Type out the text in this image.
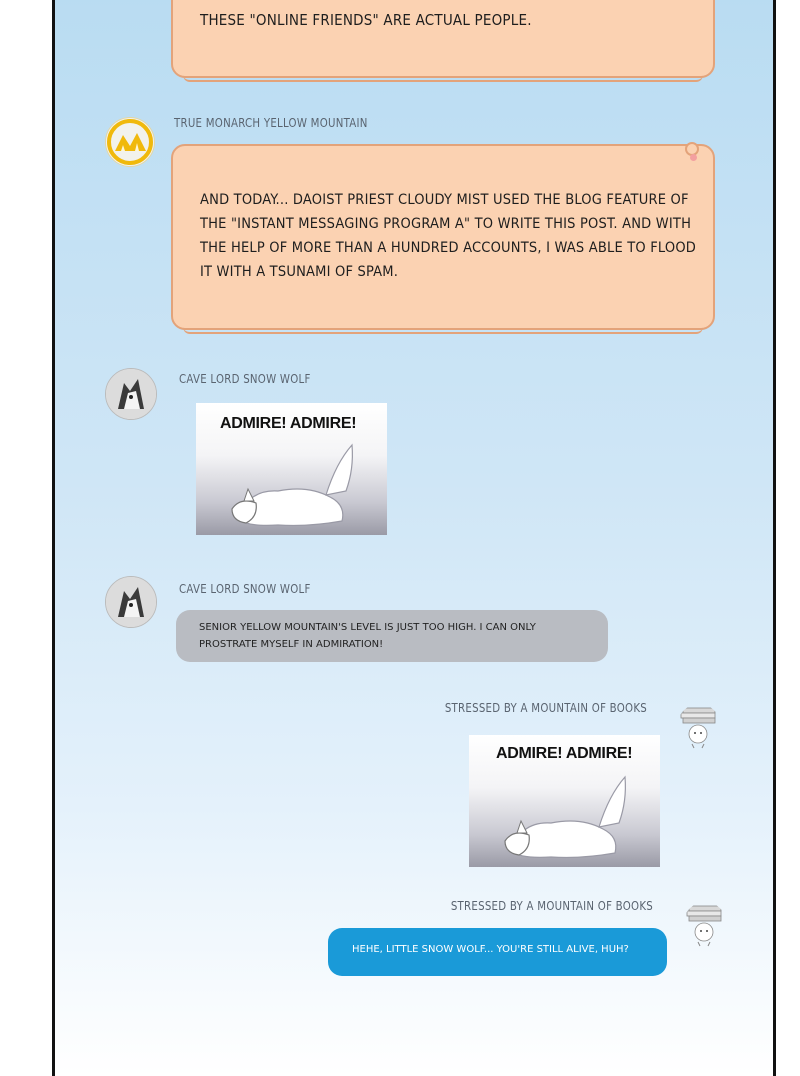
THESE "ONLINE FRIENDS" ARE ACTUAL PEOPLE.
TRUE MONARCH YELLOW MOUNTAIN
AND TODAY... DAOIST PRIEST CLOUDY MIST USED THE BLOG FEATURE OF THE "INSTANT MESSAGING PROGRAM A" TO WRITE THIS POST. AND WITH THE HELP OF MORE THAN A HUNDRED ACCOUNTS, I WAS ABLE TO FLOOD IT WITH A TSUNAMI OF SPAM.
CAVE LORD SNOW WOLF
ADMIRE! ADMIRE!
CAVE LORD SNOW WOLF
SENIOR YELLOW MOUNTAIN'S LEVEL IS JUST TOO HIGH. I CAN ONLY PROSTRATE MYSELF IN ADMIRATION!
STRESSED BY A MOUNTAIN OF BOOKS
ADMIRE! ADMIRE!
STRESSED BY A MOUNTAIN OF BOOKS
HEHE, LITTLE SNOW WOLF... YOU'RE STILL ALIVE, HUH?
